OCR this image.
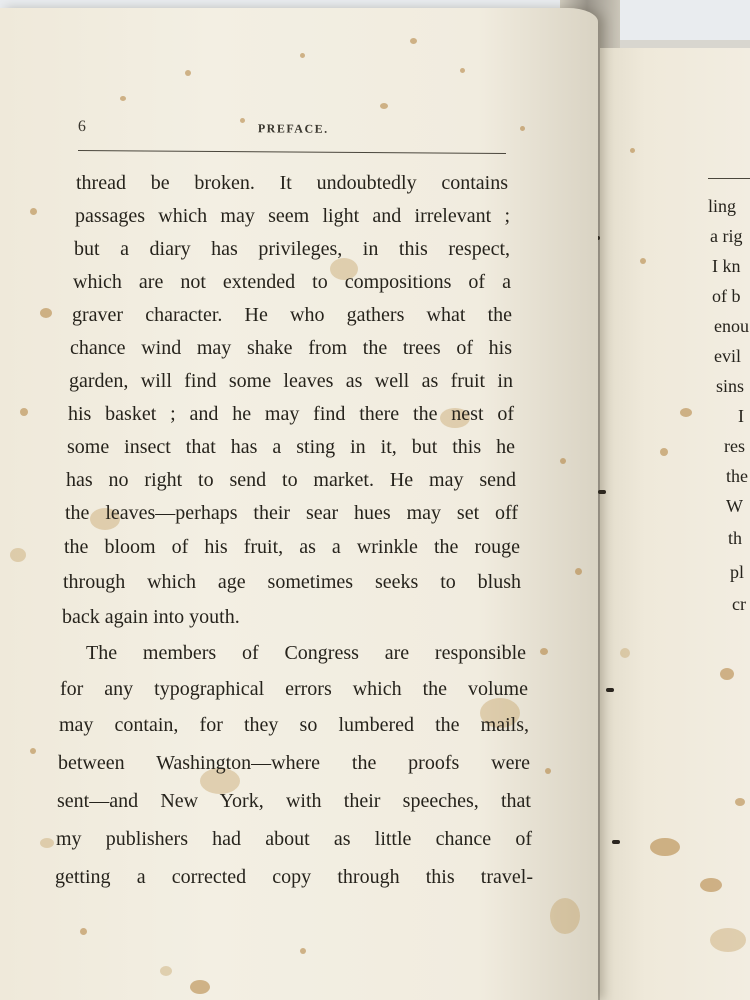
ling
a rig
I kn
of b
enou
evil
sins
I
res
the
W
th
pl
cr
6	PREFACE.
thread be broken. It undoubtedly contains
passages which may seem light and irrelevant ;
but a diary has privileges, in this respect,
which are not extended to compositions of a
graver character. He who gathers what the
chance wind may shake from the trees of his
garden, will find some leaves as well as fruit in
his basket ; and he may find there the nest of
some insect that has a sting in it, but this he
has no right to send to market. He may send
the leaves—perhaps their sear hues may set off
the bloom of his fruit, as a wrinkle the rouge
through which age sometimes seeks to blush
back again into youth.
The members of Congress are responsible
for any typographical errors which the volume
may contain, for they so lumbered the mails,
between Washington—where the proofs were
sent—and New York, with their speeches, that
my publishers had about as little chance of
getting a corrected copy through this travel-
